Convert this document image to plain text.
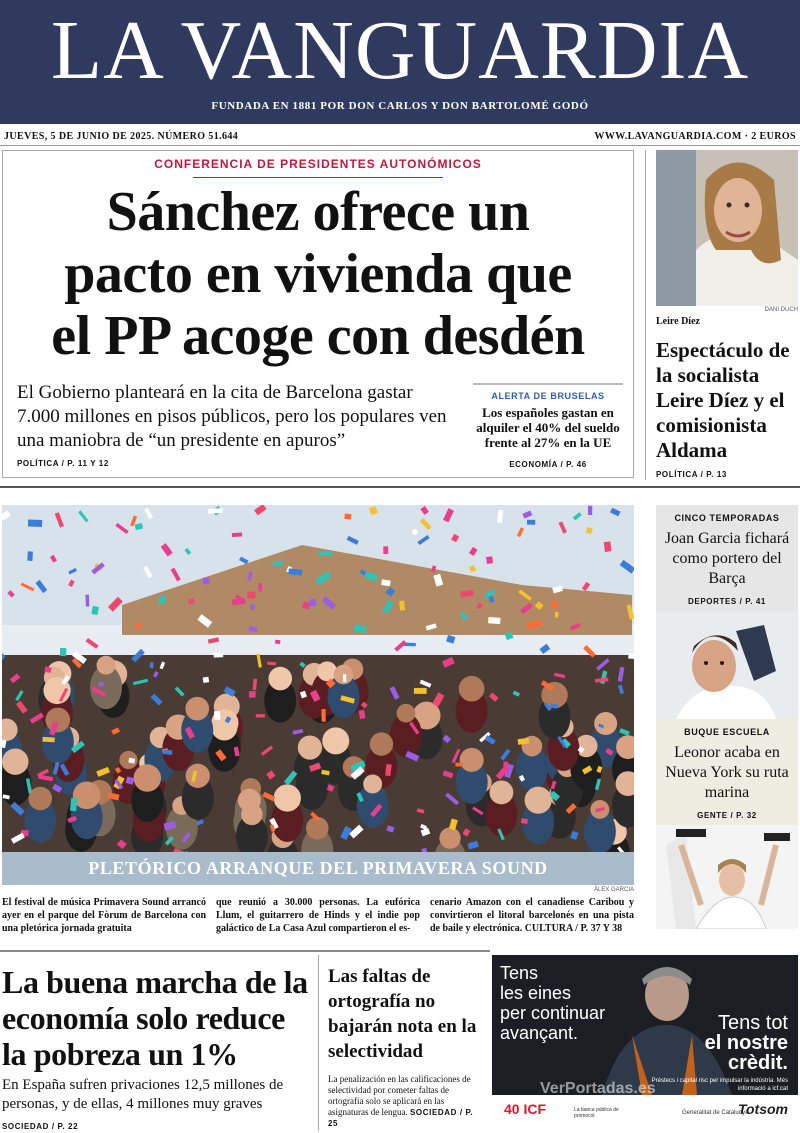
LA VANGUARDIA
FUNDADA EN 1881 POR DON CARLOS Y DON BARTOLOMÉ GODÓ
JUEVES, 5 DE JUNIO DE 2025. NÚMERO 51.644	WWW.LAVANGUARDIA.COM · 2 EUROS
CONFERENCIA DE PRESIDENTES AUTONÓMICOS
Sánchez ofrece un
pacto en vivienda que
el PP acoge con desdén
El Gobierno planteará en la cita de Barcelona gastar 7.000 millones en pisos públicos, pero los populares ven una maniobra de “un presidente en apuros”
POLÍTICA / P. 11 Y 12
ALERTA DE BRUSELAS
Los españoles gastan en alquiler el 40% del sueldo frente al 27% en la UE
ECONOMÍA / P. 46
DANI DUCH
Leire Díez
Espectáculo de la socialista Leire Díez y el comisionista Aldama
POLÍTICA / P. 13
CINCO TEMPORADAS
Joan Garcia fichará como portero del Barça
DEPORTES / P. 41
BUQUE ESCUELA
Leonor acaba en Nueva York su ruta marina
GENTE / P. 32
PLETÓRICO ARRANQUE DEL PRIMAVERA SOUND
ÀLEX GARCIA
El festival de música Primavera Sound arrancó ayer en el parque del Fòrum de Barcelona con una pletórica jornada gratuita
que reunió a 30.000 personas. La eufórica Llum, el guitarrero de Hinds y el indie pop galáctico de La Casa Azul compartieron el es-
cenario Amazon con el canadiense Caribou y convirtieron el litoral barcelonés en una pista de baile y electrónica. CULTURA / P. 37 Y 38
La buena marcha de la economía solo reduce la pobreza un 1%
En España sufren privaciones 12,5 millones de personas, y de ellas, 4 millones muy graves
SOCIEDAD / P. 22
Las faltas de ortografía no bajarán nota en la selectividad
La penalización en las calificaciones de selectividad por cometer faltas de ortografía solo se aplicará en las asignaturas de lengua. SOCIEDAD / P. 25
Tens
les eines
per continuar
avançant.	Tens tot
el nostre
crèdit.
Préstecs i capital risc per impulsar la indústria. Més informació a icf.cat
40 ICF	La banca pública de promoció	Generalitat de Catalunya
Totsom
VerPortadas.es
